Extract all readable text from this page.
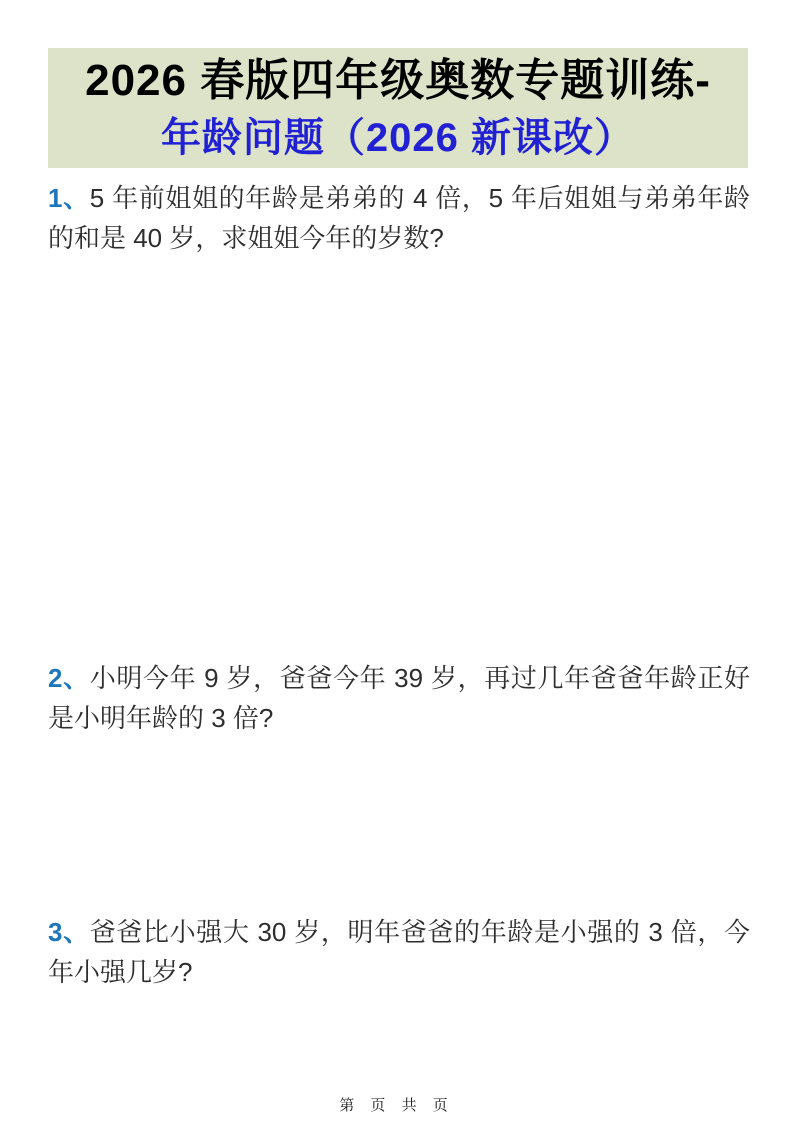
2026 春版四年级奥数专题训练-
年龄问题（2026 新课改）
1、5 年前姐姐的年龄是弟弟的 4 倍，5 年后姐姐与弟弟年龄的和是 40 岁，求姐姐今年的岁数?
2、小明今年 9 岁，爸爸今年 39 岁，再过几年爸爸年龄正好是小明年龄的 3 倍?
3、爸爸比小强大 30 岁，明年爸爸的年龄是小强的 3 倍，今年小强几岁?
第 页 共 页
